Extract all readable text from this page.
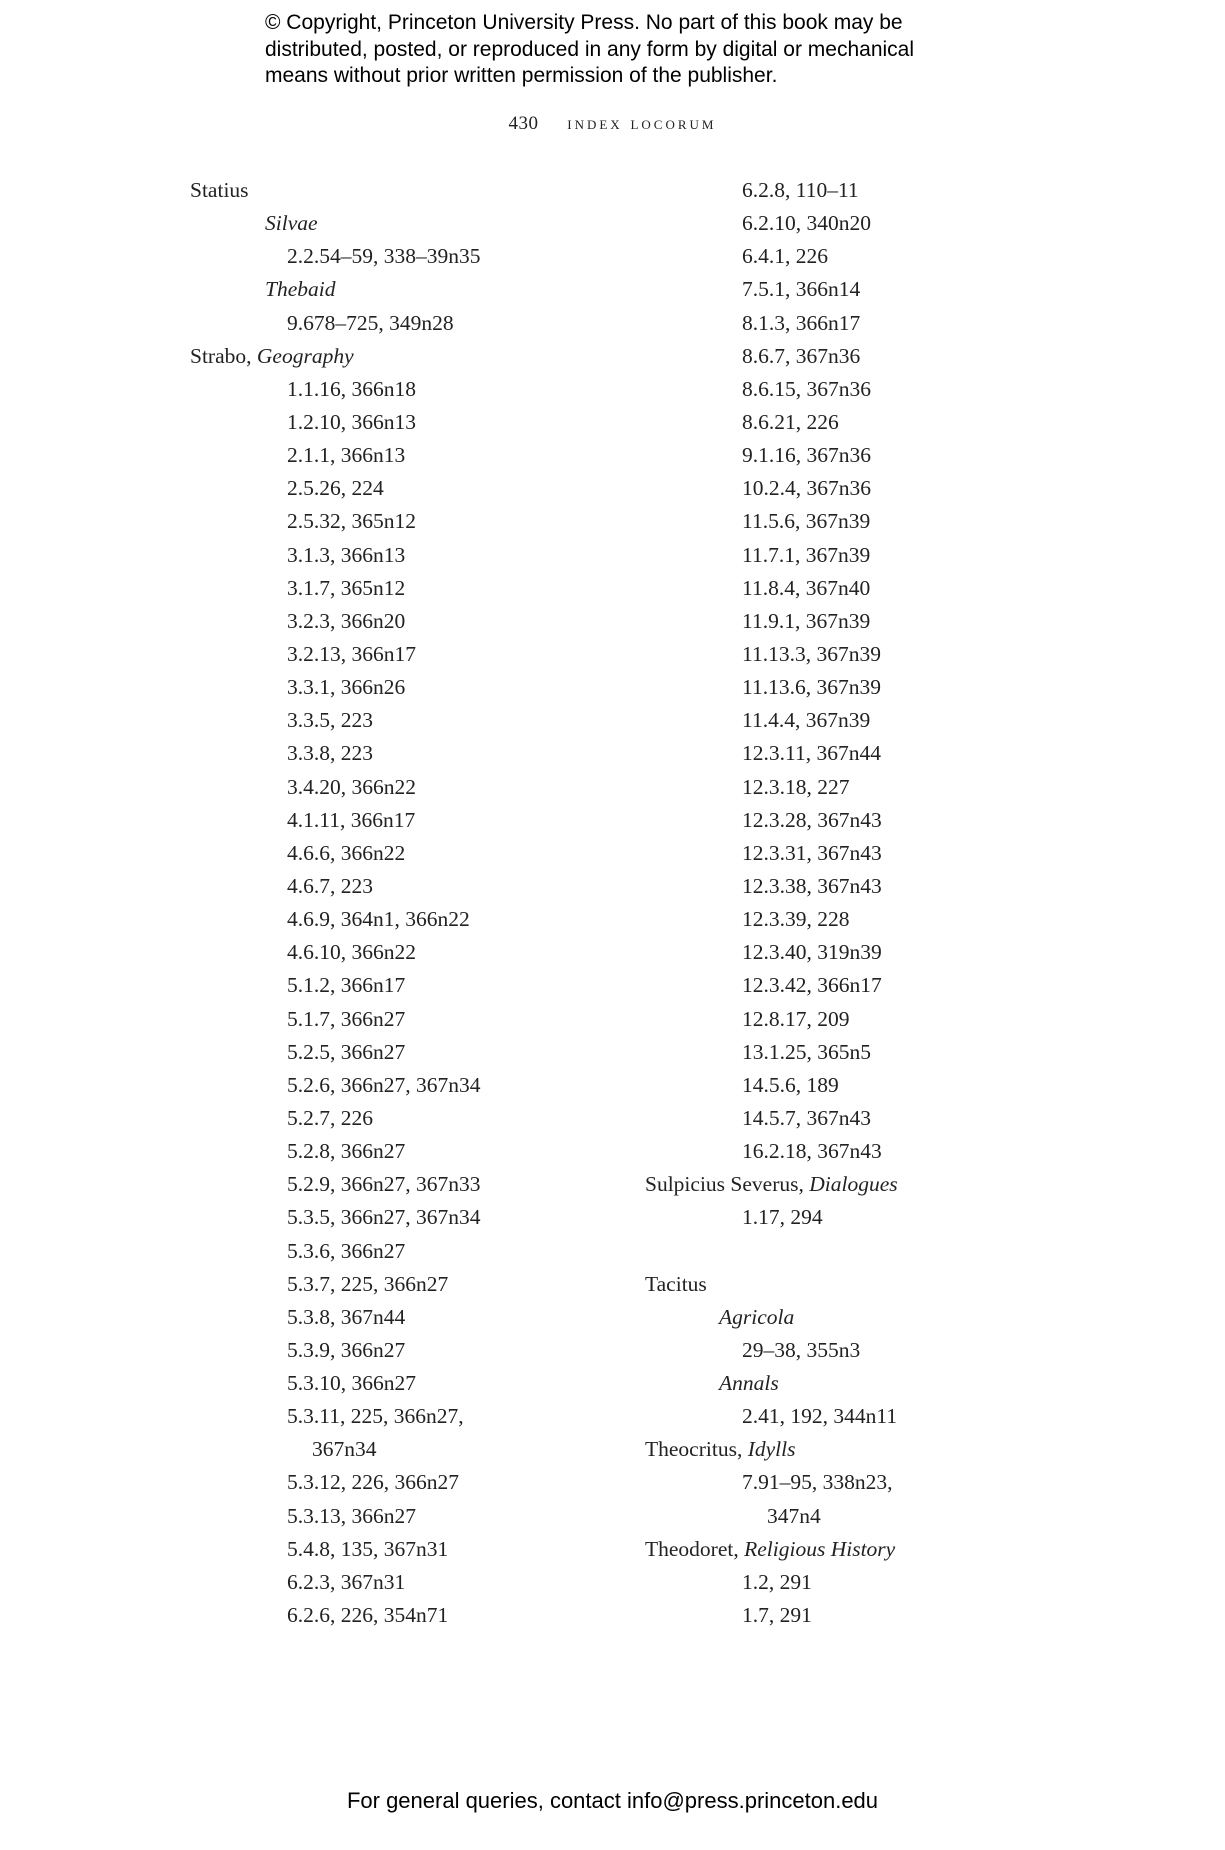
© Copyright, Princeton University Press. No part of this book may be
distributed, posted, or reproduced in any form by digital or mechanical
means without prior written permission of the publisher.
430 index locorum
Statius
Silvae
2.2.54–59, 338–39n35
Thebaid
9.678–725, 349n28
Strabo, Geography
1.1.16, 366n18
1.2.10, 366n13
2.1.1, 366n13
2.5.26, 224
2.5.32, 365n12
3.1.3, 366n13
3.1.7, 365n12
3.2.3, 366n20
3.2.13, 366n17
3.3.1, 366n26
3.3.5, 223
3.3.8, 223
3.4.20, 366n22
4.1.11, 366n17
4.6.6, 366n22
4.6.7, 223
4.6.9, 364n1, 366n22
4.6.10, 366n22
5.1.2, 366n17
5.1.7, 366n27
5.2.5, 366n27
5.2.6, 366n27, 367n34
5.2.7, 226
5.2.8, 366n27
5.2.9, 366n27, 367n33
5.3.5, 366n27, 367n34
5.3.6, 366n27
5.3.7, 225, 366n27
5.3.8, 367n44
5.3.9, 366n27
5.3.10, 366n27
5.3.11, 225, 366n27,
367n34
5.3.12, 226, 366n27
5.3.13, 366n27
5.4.8, 135, 367n31
6.2.3, 367n31
6.2.6, 226, 354n71
6.2.8, 110–11
6.2.10, 340n20
6.4.1, 226
7.5.1, 366n14
8.1.3, 366n17
8.6.7, 367n36
8.6.15, 367n36
8.6.21, 226
9.1.16, 367n36
10.2.4, 367n36
11.5.6, 367n39
11.7.1, 367n39
11.8.4, 367n40
11.9.1, 367n39
11.13.3, 367n39
11.13.6, 367n39
11.4.4, 367n39
12.3.11, 367n44
12.3.18, 227
12.3.28, 367n43
12.3.31, 367n43
12.3.38, 367n43
12.3.39, 228
12.3.40, 319n39
12.3.42, 366n17
12.8.17, 209
13.1.25, 365n5
14.5.6, 189
14.5.7, 367n43
16.2.18, 367n43
Sulpicius Severus, Dialogues
1.17, 294
Tacitus
Agricola
29–38, 355n3
Annals
2.41, 192, 344n11
Theocritus, Idylls
7.91–95, 338n23,
347n4
Theodoret, Religious History
1.2, 291
1.7, 291
For general queries, contact info@press.princeton.edu
